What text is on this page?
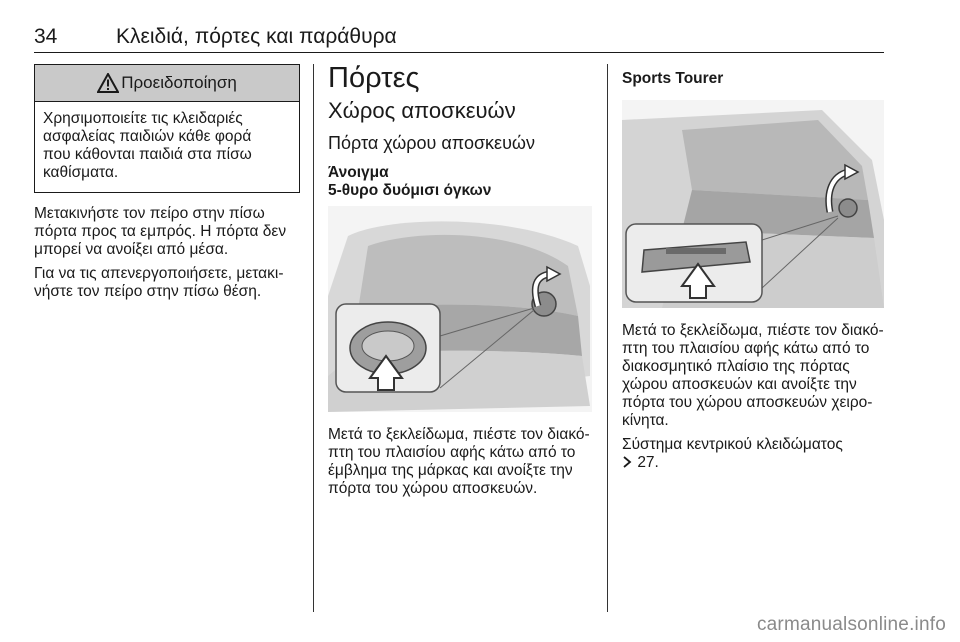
34	Κλειδιά, πόρτες και παράθυρα
Προειδοποίηση
Χρησιμοποιείτε τις κλειδαριές
ασφαλείας παιδιών κάθε φορά
που κάθονται παιδιά στα πίσω
καθίσματα.
Μετακινήστε τον πείρο στην πίσω
πόρτα προς τα εμπρός. Η πόρτα δεν
μπορεί να ανοίξει από μέσα.
Για να τις απενεργοποιήσετε, μετακι-
νήστε τον πείρο στην πίσω θέση.
Πόρτες
Χώρος αποσκευών
Πόρτα χώρου αποσκευών
Άνοιγμα
5-θυρο δυόμισι όγκων
Μετά το ξεκλείδωμα, πιέστε τον διακό-
πτη του πλαισίου αφής κάτω από το
έμβλημα της μάρκας και ανοίξτε την
πόρτα του χώρου αποσκευών.
Sports Tourer
Μετά το ξεκλείδωμα, πιέστε τον διακό-
πτη του πλαισίου αφής κάτω από το
διακοσμητικό πλαίσιο της πόρτας
χώρου αποσκευών και ανοίξτε την
πόρτα του χώρου αποσκευών χειρο-
κίνητα.
Σύστημα κεντρικού κλειδώματος
27.
carmanualsonline.info
